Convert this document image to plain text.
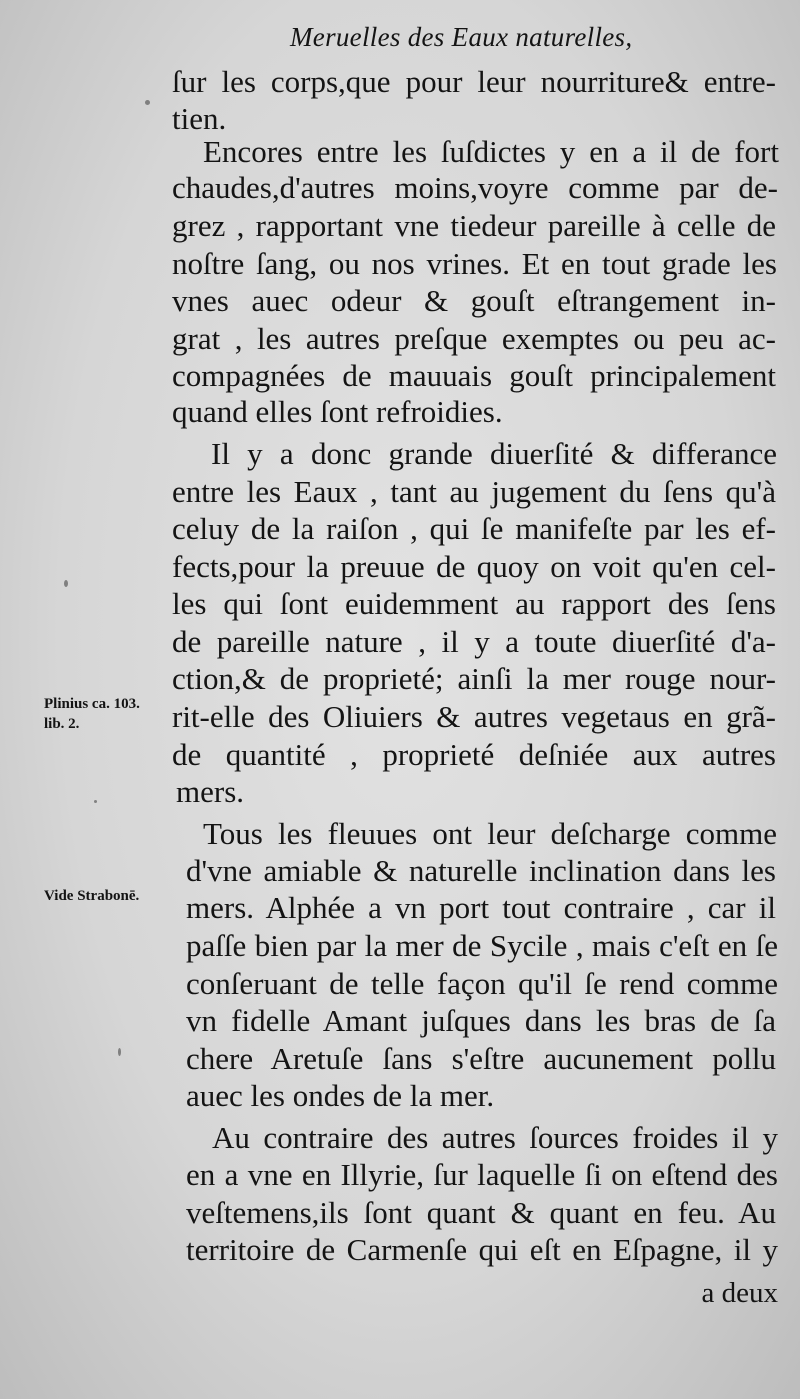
Meruelles des Eaux naturelles,
ſur les corps,que pour leur nourriture& entre-
tien.
Encores entre les ſuſdictes y en a il de fort
chaudes,d'autres moins,voyre comme par de-
grez , rapportant vne tiedeur pareille à celle de
noſtre ſang, ou nos vrines. Et en tout grade les
vnes auec odeur & gouſt eſtrangement in-
grat , les autres preſque exemptes ou peu ac-
compagnées de mauuais gouſt principalement
quand elles ſont refroidies.
Il y a donc grande diuerſité & differance
entre les Eaux , tant au jugement du ſens qu'à
celuy de la raiſon , qui ſe manifeſte par les ef-
fects,pour la preuue de quoy on voit qu'en cel-
les qui ſont euidemment au rapport des ſens
de pareille nature , il y a toute diuerſité d'a-
ction,& de proprieté; ainſi la mer rouge nour-
rit-elle des Oliuiers & autres vegetaus en grã-
de quantité , proprieté deſniée aux autres
mers.
Tous les fleuues ont leur deſcharge comme
d'vne amiable & naturelle inclination dans les
mers. Alphée a vn port tout contraire , car il
paſſe bien par la mer de Sycile , mais c'eſt en ſe
conſeruant de telle façon qu'il ſe rend comme
vn fidelle Amant juſques dans les bras de ſa
chere Aretuſe ſans s'eſtre aucunement pollu
auec les ondes de la mer.
Au contraire des autres ſources froides il y
en a vne en Illyrie, ſur laquelle ſi on eſtend des
veſtemens,ils ſont quant & quant en feu. Au
territoire de Carmenſe qui eſt en Eſpagne, il y
a deux
Plinius ca. 103.
lib. 2.
Vide Strabonē.
